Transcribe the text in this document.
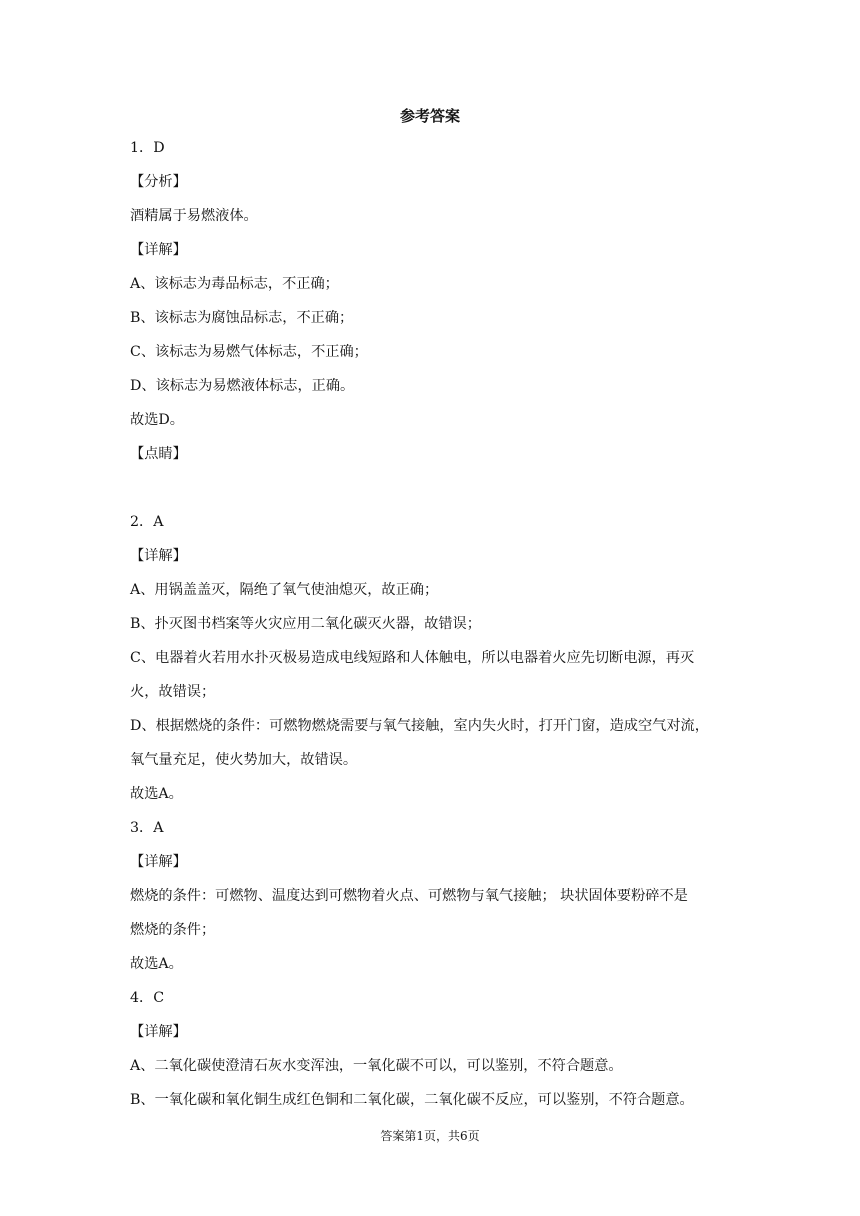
参考答案

1．D

【分析】

酒精属于易燃液体。

【详解】

A、该标志为毒品标志，不正确；

B、该标志为腐蚀品标志，不正确；

C、该标志为易燃气体标志，不正确；

D、该标志为易燃液体标志，正确。

故选D。

【点睛】

2．A

【详解】

A、用锅盖盖灭，隔绝了氧气使油熄灭，故正确；

B、扑灭图书档案等火灾应用二氧化碳灭火器，故错误；

C、电器着火若用水扑灭极易造成电线短路和人体触电，所以电器着火应先切断电源，再灭

火，故错误；

D、根据燃烧的条件：可燃物燃烧需要与氧气接触，室内失火时，打开门窗，造成空气对流，

氧气量充足，使火势加大，故错误。

故选A。

3．A

【详解】

燃烧的条件：可燃物、温度达到可燃物着火点、可燃物与氧气接触； 块状固体要粉碎不是

燃烧的条件；

故选A。

4．C

【详解】

A、二氧化碳使澄清石灰水变浑浊，一氧化碳不可以，可以鉴别，不符合题意。

B、一氧化碳和氧化铜生成红色铜和二氧化碳，二氧化碳不反应，可以鉴别，不符合题意。

答案第1页，共6页
